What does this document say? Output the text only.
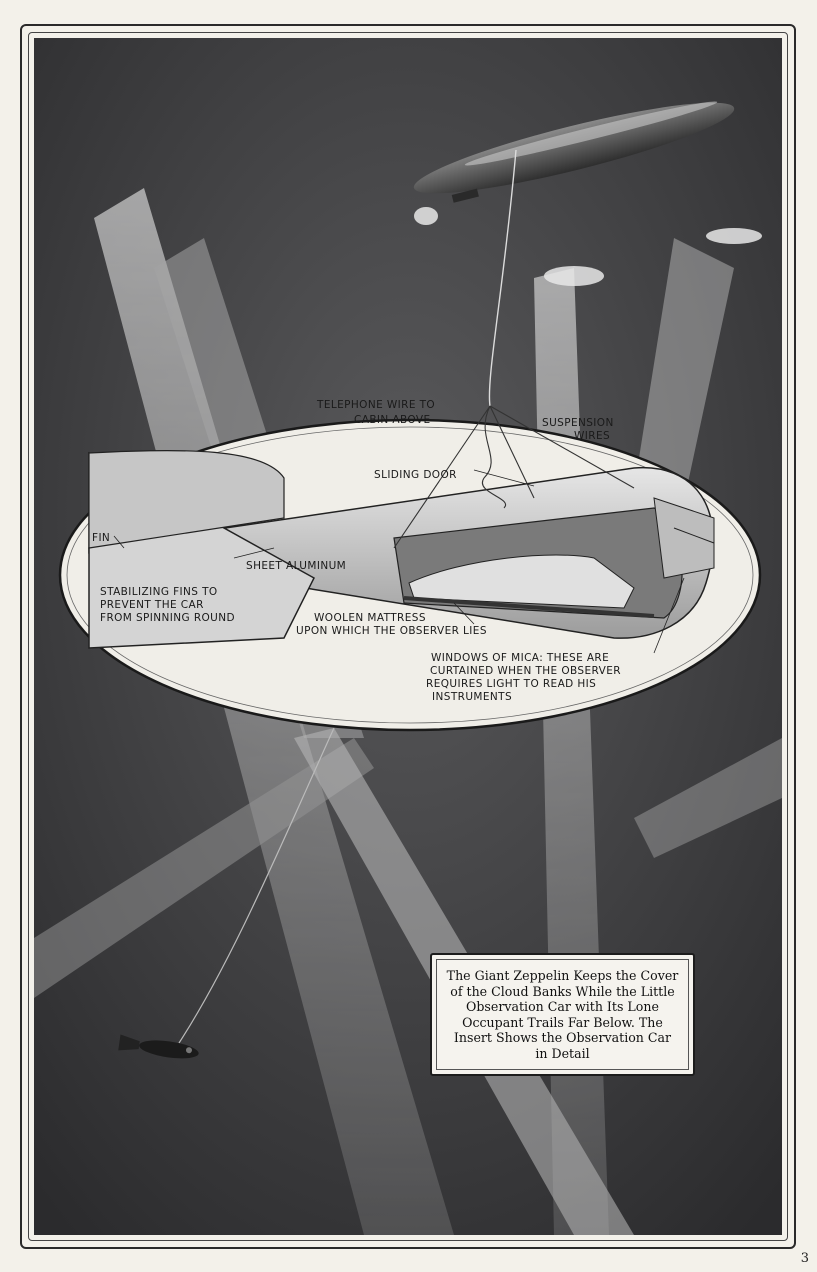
TELEPHONE WIRE TO
CABIN ABOVE	SUSPENSION
WIRES
SLIDING DOOR
FIN
SHEET ALUMINUM
STABILIZING FINS TO
PREVENT THE CAR
FROM SPINNING ROUND	WOOLEN MATTRESS
UPON WHICH THE OBSERVER LIES
WINDOWS OF MICA: THESE ARE
CURTAINED WHEN THE OBSERVER
REQUIRES LIGHT TO READ HIS
INSTRUMENTS

The Giant Zeppelin Keeps the Cover of the Cloud Banks While the Little Observation Car with Its Lone Occupant Trails Far Below. The Insert Shows the Observation Car in Detail

3
